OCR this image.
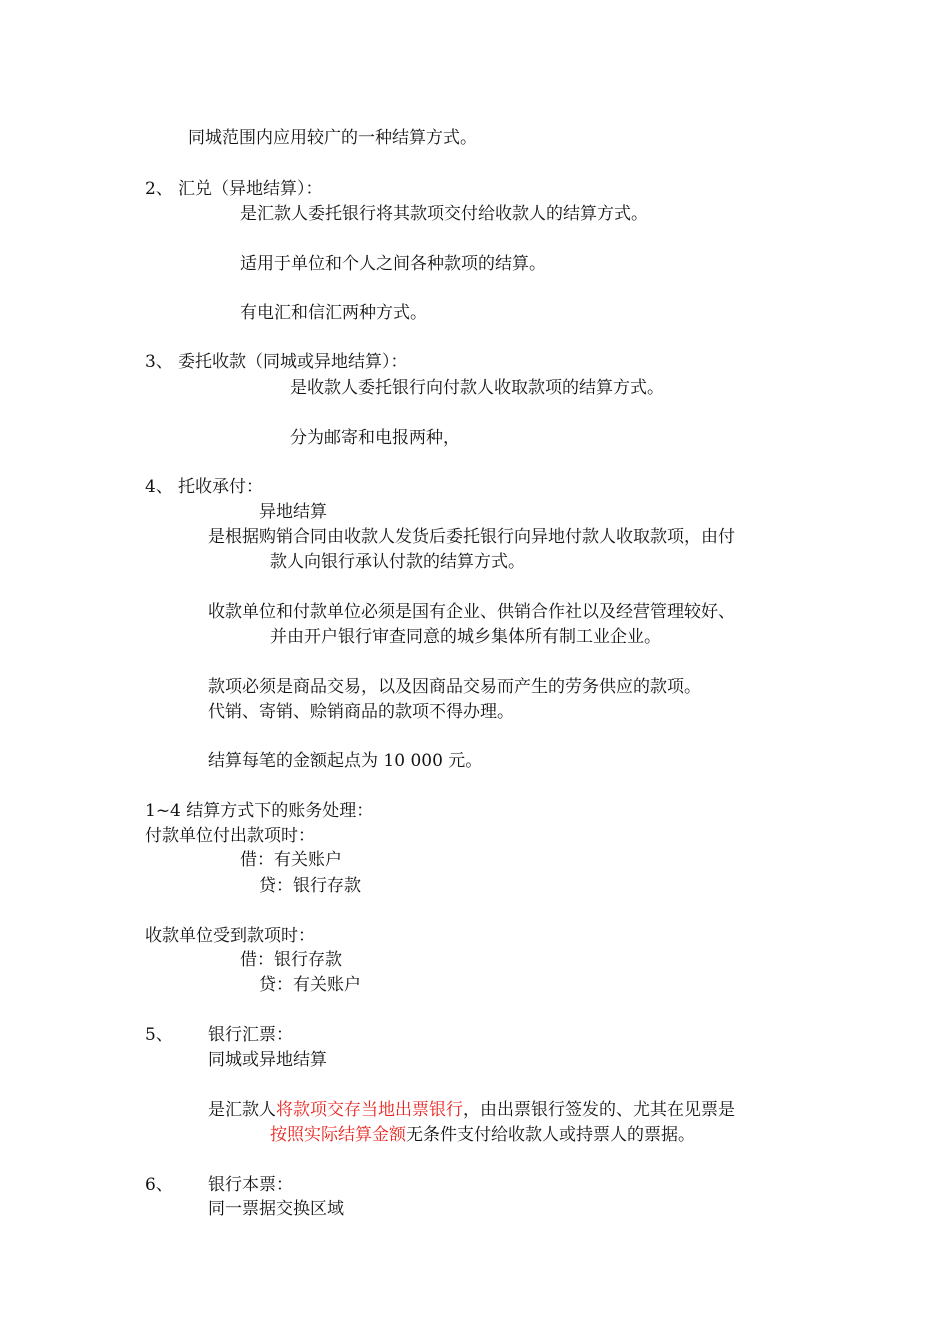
同城范围内应用较广的一种结算方式。
2、 汇兑（异地结算）：
是汇款人委托银行将其款项交付给收款人的结算方式。
适用于单位和个人之间各种款项的结算。
有电汇和信汇两种方式。
3、 委托收款（同城或异地结算）：
是收款人委托银行向付款人收取款项的结算方式。
分为邮寄和电报两种，
4、 托收承付：
异地结算
是根据购销合同由收款人发货后委托银行向异地付款人收取款项，由付
款人向银行承认付款的结算方式。
收款单位和付款单位必须是国有企业、供销合作社以及经营管理较好、
并由开户银行审查同意的城乡集体所有制工业企业。
款项必须是商品交易，以及因商品交易而产生的劳务供应的款项。
代销、寄销、赊销商品的款项不得办理。
结算每笔的金额起点为 10 000 元。
1~4 结算方式下的账务处理：
付款单位付出款项时：
借：有关账户
贷：银行存款
收款单位受到款项时：
借：银行存款
贷：有关账户
5、 银行汇票：
同城或异地结算
是汇款人将款项交存当地出票银行，由出票银行签发的、尤其在见票是
按照实际结算金额无条件支付给收款人或持票人的票据。
6、 银行本票：
同一票据交换区域
